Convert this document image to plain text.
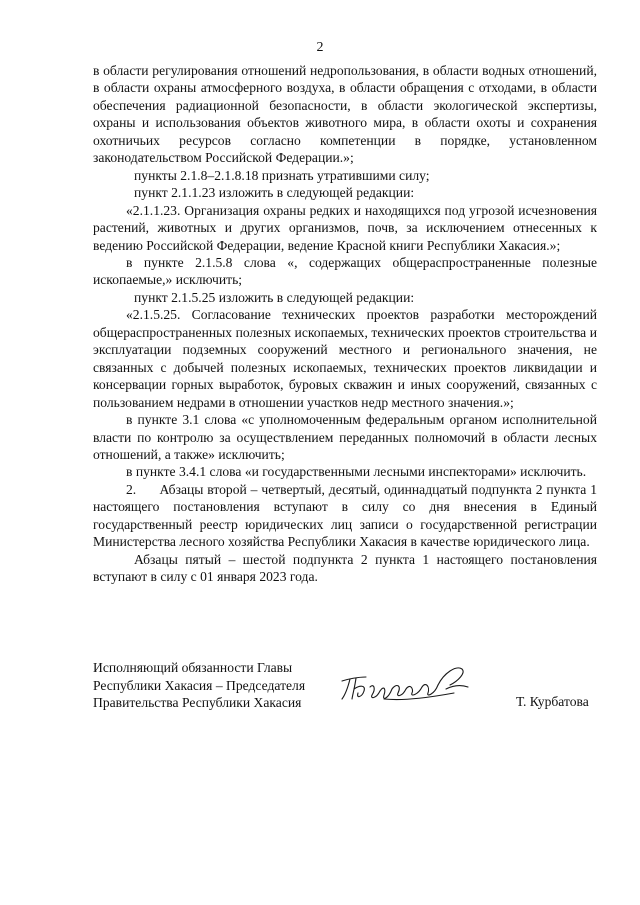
2

в области регулирования отношений недропользования, в области водных отношений, в области охраны атмосферного воздуха, в области обращения с отходами, в области обеспечения радиационной безопасности, в области экологической экспертизы, охраны и использования объектов животного мира, в области охоты и сохранения охотничьих ресурсов согласно компетенции в порядке, установленном законодательством Российской Федерации.»;

пункты 2.1.8–2.1.8.18 признать утратившими силу;

пункт 2.1.1.23 изложить в следующей редакции:

«2.1.1.23. Организация охраны редких и находящихся под угрозой исчезновения растений, животных и других организмов, почв, за исключением отнесенных к ведению Российской Федерации, ведение Красной книги Республики Хакасия.»;

в пункте 2.1.5.8 слова «, содержащих общераспространенные полезные ископаемые,» исключить;

пункт 2.1.5.25 изложить в следующей редакции:

«2.1.5.25. Согласование технических проектов разработки месторождений общераспространенных полезных ископаемых, технических проектов строительства и эксплуатации подземных сооружений местного и регионального значения, не связанных с добычей полезных ископаемых, технических проектов ликвидации и консервации горных выработок, буровых скважин и иных сооружений, связанных с пользованием недрами в отношении участков недр местного значения.»;

в пункте 3.1 слова «с уполномоченным федеральным органом исполнительной власти по контролю за осуществлением переданных полномочий в области лесных отношений, а также» исключить;

в пункте 3.4.1 слова «и государственными лесными инспекторами» исключить.

2.      Абзацы второй – четвертый, десятый, одиннадцатый подпункта 2 пункта 1 настоящего постановления вступают в силу со дня внесения в Единый государственный реестр юридических лиц записи о государственной регистрации Министерства лесного хозяйства Республики Хакасия в качестве юридического лица.

Абзацы пятый – шестой подпункта 2 пункта 1 настоящего постановления вступают в силу с 01 января 2023 года.

Исполняющий обязанности Главы
Республики Хакасия – Председателя
Правительства Республики Хакасия	Т. Курбатова
